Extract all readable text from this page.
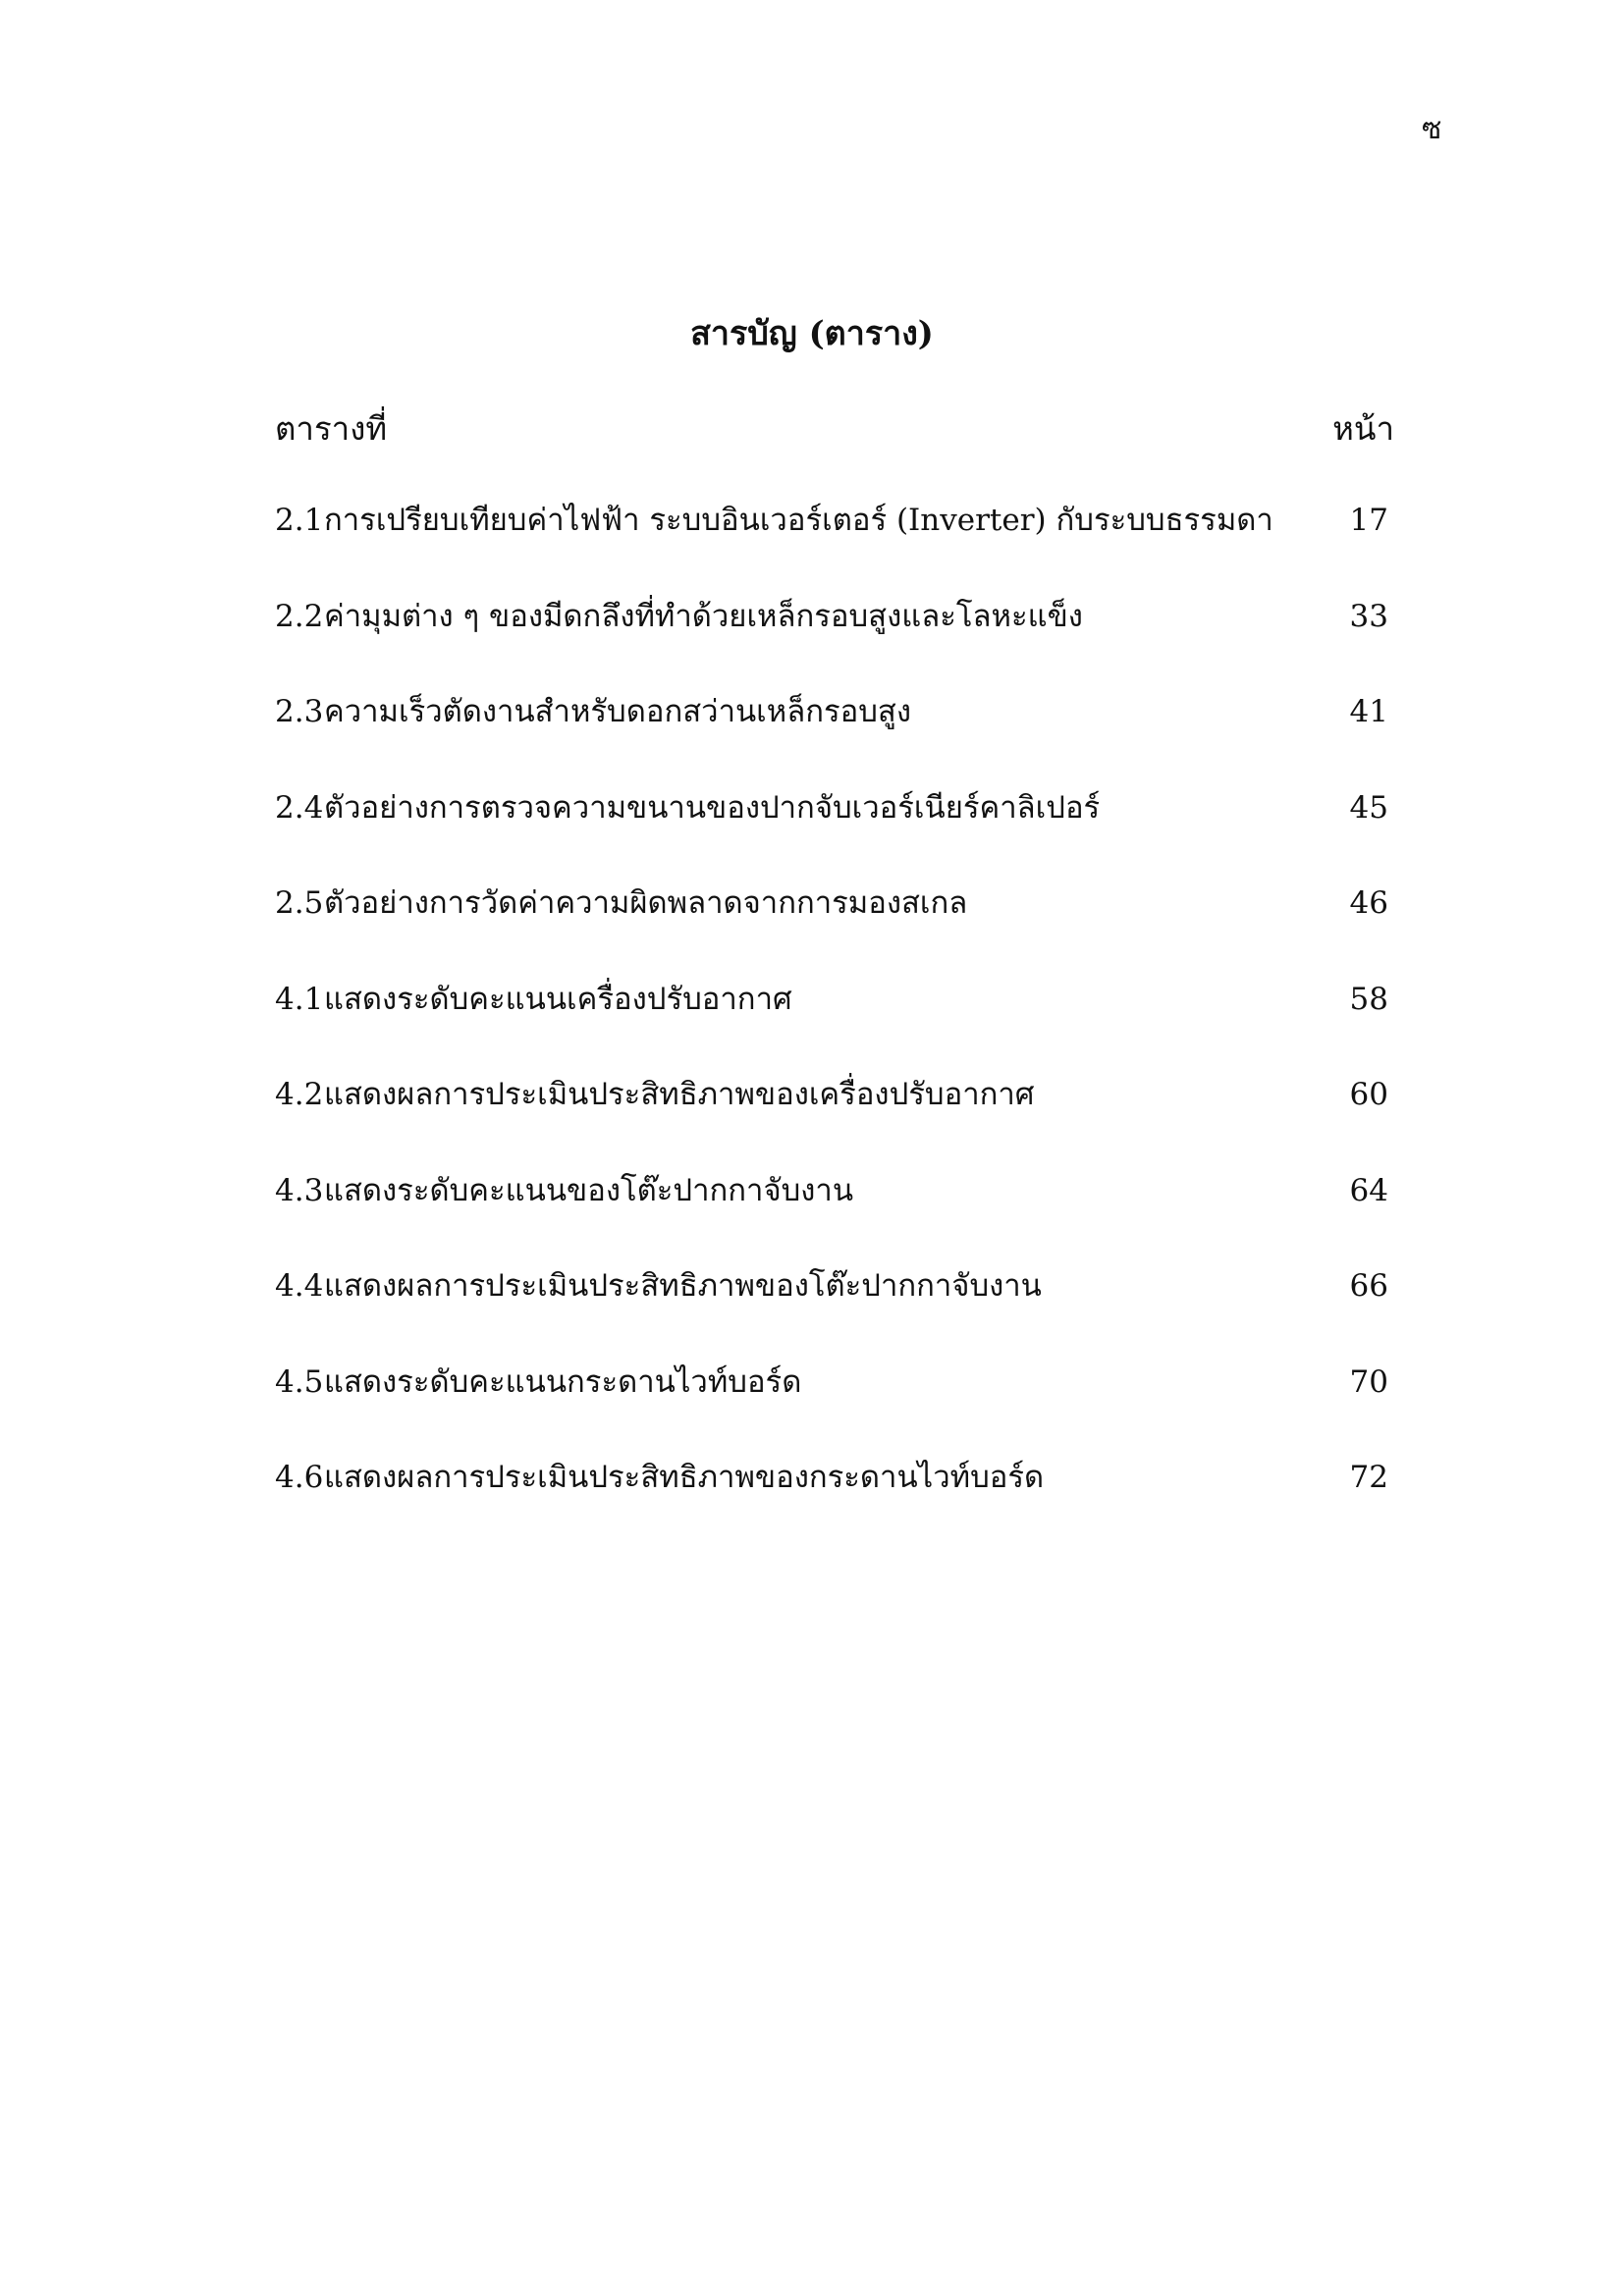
ซ
สารบัญ (ตาราง)
ตารางที่	หน้า
2.1 การเปรียบเทียบค่าไฟฟ้า ระบบอินเวอร์เตอร์ (Inverter) กับระบบธรรมดา	17
2.2 ค่ามุมต่าง ๆ ของมีดกลึงที่ทำด้วยเหล็กรอบสูงและโลหะแข็ง	33
2.3 ความเร็วตัดงานสำหรับดอกสว่านเหล็กรอบสูง	41
2.4 ตัวอย่างการตรวจความขนานของปากจับเวอร์เนียร์คาลิเปอร์	45
2.5 ตัวอย่างการวัดค่าความผิดพลาดจากการมองสเกล	46
4.1 แสดงระดับคะแนนเครื่องปรับอากาศ	58
4.2 แสดงผลการประเมินประสิทธิภาพของเครื่องปรับอากาศ	60
4.3 แสดงระดับคะแนนของโต๊ะปากกาจับงาน	64
4.4 แสดงผลการประเมินประสิทธิภาพของโต๊ะปากกาจับงาน	66
4.5 แสดงระดับคะแนนกระดานไวท์บอร์ด	70
4.6 แสดงผลการประเมินประสิทธิภาพของกระดานไวท์บอร์ด	72
